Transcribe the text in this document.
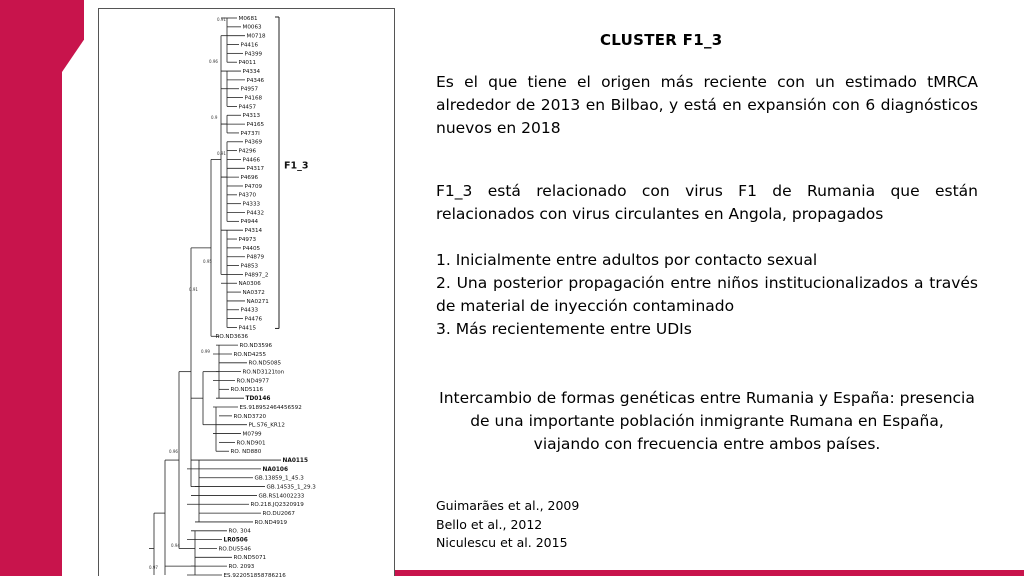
M0681
M0063
M0718
P4416
P4399
P4011
P4334
P4346
P4957
P4168
P4457
P4313
P4165
P4737I
P4369
P4296
P4466
P4317
P4696
P4709
P4370
P4333
P4432
P4944
P4314
P4973
P4405
P4879
P4853
P4897_2
NA0306
NA0372
NA0271
P4433
P4476
P4415
RO.ND3636
RO.ND3596
RO.ND4255
RO.ND5085
RO.ND3121ton
RO.ND4977
RO.ND5116
TD0146
ES.918952464456592
RO.ND3720
PL.S76_KR12
M0799
RO.ND901
RO. ND880
NA0115
NA0106
GB.13859_1_45.3
GB.14535_1_29.3
GB.RS14002233
RO.218.JQ2320919
RO.DU2067
RO.ND4919
RO. 304
LR0506
RO.DU5546
RO.ND5071
RO. 2093
ES.922051858786216
0.91
0.96
0.9
0.91
0.95
0.91
0.99
0.96
0.94
0.97
F1_3
CLUSTER F1_3
Es el que tiene el origen más reciente con un estimado tMRCA alrededor de 2013 en Bilbao, y está en expansión con 6 diagnósticos nuevos en 2018
F1_3 está relacionado con virus F1 de Rumania que están relacionados con virus circulantes en Angola, propagados
1. Inicialmente entre adultos por contacto sexual
2. Una posterior propagación entre niños institucionalizados a través de material de inyección contaminado
3. Más recientemente entre UDIs
Intercambio de formas genéticas entre Rumania y España: presencia de una importante población inmigrante Rumana en España, viajando con frecuencia entre ambos países.
Guimarães et al., 2009
Bello et al., 2012
Niculescu et al. 2015
